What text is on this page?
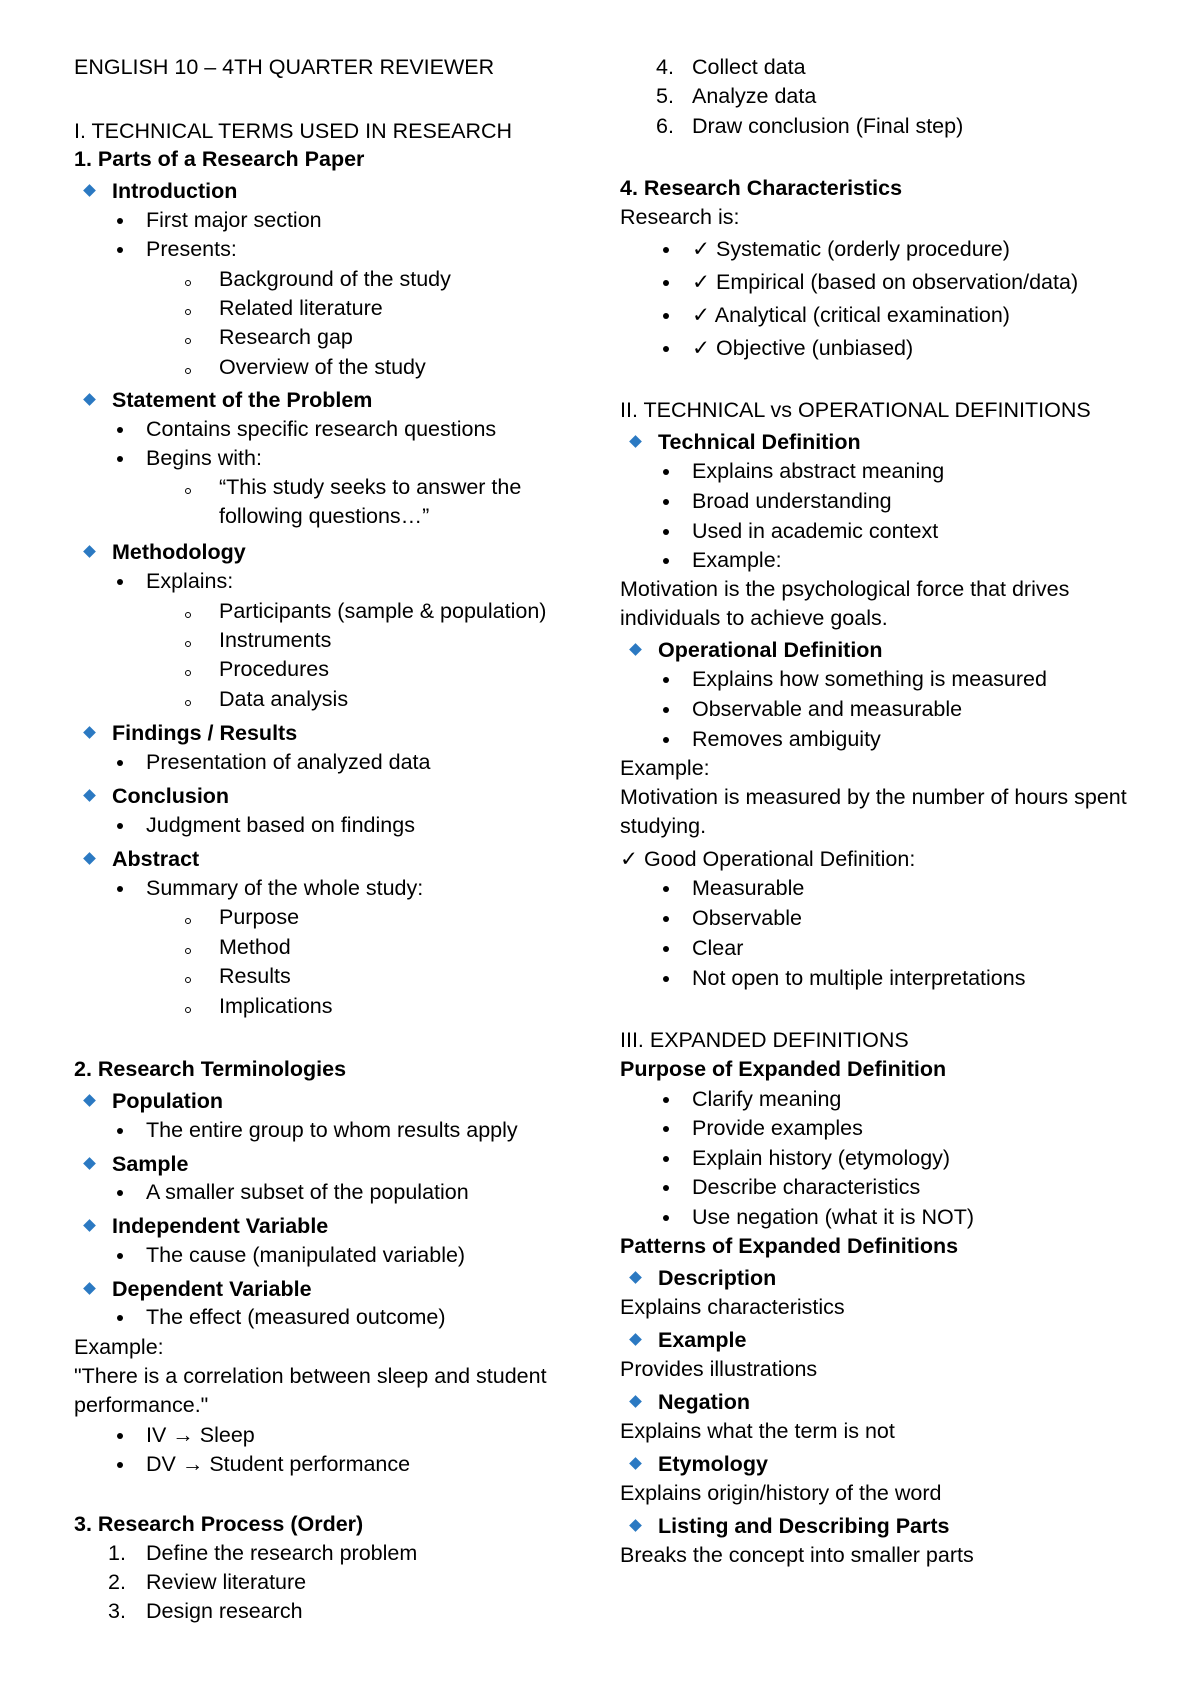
ENGLISH 10 – 4TH QUARTER REVIEWER
I. TECHNICAL TERMS USED IN RESEARCH
1. Parts of a Research Paper
Introduction
First major section
Presents:
Background of the study
Related literature
Research gap
Overview of the study
Statement of the Problem
Contains specific research questions
Begins with:
“This study seeks to answer the
following questions…”
Methodology
Explains:
Participants (sample & population)
Instruments
Procedures
Data analysis
Findings / Results
Presentation of analyzed data
Conclusion
Judgment based on findings
Abstract
Summary of the whole study:
Purpose
Method
Results
Implications
2. Research Terminologies
Population
The entire group to whom results apply
Sample
A smaller subset of the population
Independent Variable
The cause (manipulated variable)
Dependent Variable
The effect (measured outcome)
Example:
"There is a correlation between sleep and student
performance."
IV → Sleep
DV → Student performance
3. Research Process (Order)
1. Define the research problem
2. Review literature
3. Design research
4. Collect data
5. Analyze data
6. Draw conclusion (Final step)
4. Research Characteristics
Research is:
✓ Systematic (orderly procedure)
✓ Empirical (based on observation/data)
✓ Analytical (critical examination)
✓ Objective (unbiased)
II. TECHNICAL vs OPERATIONAL DEFINITIONS
Technical Definition
Explains abstract meaning
Broad understanding
Used in academic context
Example:
Motivation is the psychological force that drives
individuals to achieve goals.
Operational Definition
Explains how something is measured
Observable and measurable
Removes ambiguity
Example:
Motivation is measured by the number of hours spent
studying.
✓ Good Operational Definition:
Measurable
Observable
Clear
Not open to multiple interpretations
III. EXPANDED DEFINITIONS
Purpose of Expanded Definition
Clarify meaning
Provide examples
Explain history (etymology)
Describe characteristics
Use negation (what it is NOT)
Patterns of Expanded Definitions
Description
Explains characteristics
Example
Provides illustrations
Negation
Explains what the term is not
Etymology
Explains origin/history of the word
Listing and Describing Parts
Breaks the concept into smaller parts
